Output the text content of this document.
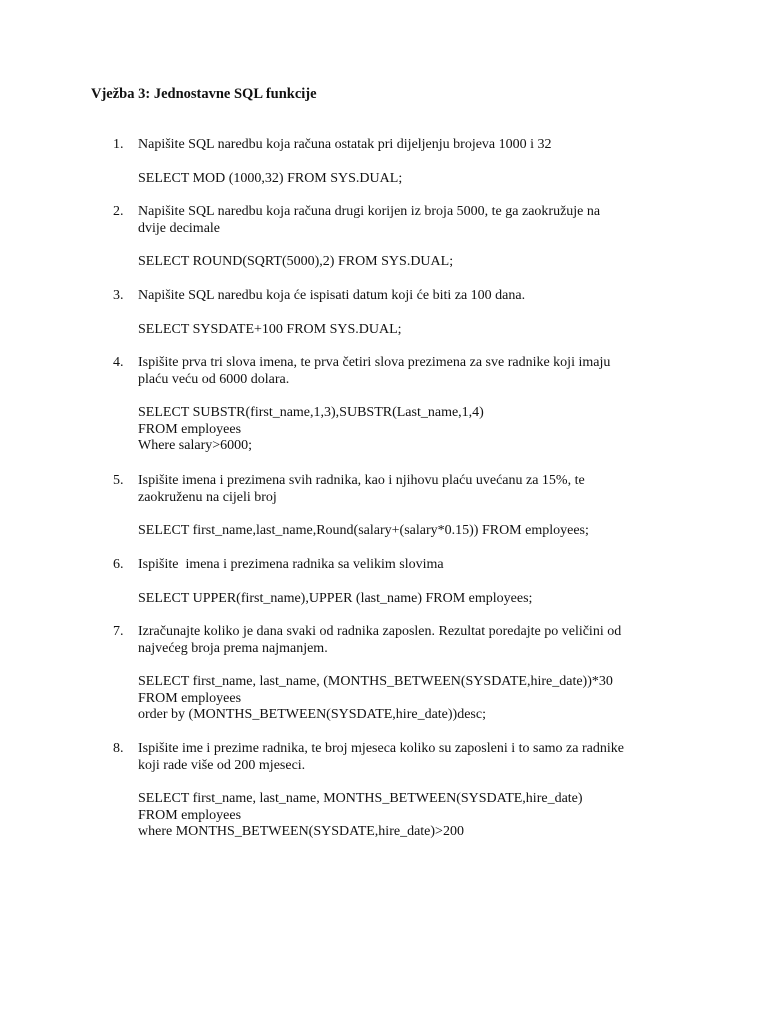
Vježba 3: Jednostavne SQL funkcije
1. Napišite SQL naredbu koja računa ostatak pri dijeljenju brojeva 1000 i 32
SELECT MOD (1000,32) FROM SYS.DUAL;
2. Napišite SQL naredbu koja računa drugi korijen iz broja 5000, te ga zaokružuje na
dvije decimale
SELECT ROUND(SQRT(5000),2) FROM SYS.DUAL;
3. Napišite SQL naredbu koja će ispisati datum koji će biti za 100 dana.
SELECT SYSDATE+100 FROM SYS.DUAL;
4. Ispišite prva tri slova imena, te prva četiri slova prezimena za sve radnike koji imaju
plaću veću od 6000 dolara.
SELECT SUBSTR(first_name,1,3),SUBSTR(Last_name,1,4)
FROM employees
Where salary>6000;
5. Ispišite imena i prezimena svih radnika, kao i njihovu plaću uvećanu za 15%, te
zaokruženu na cijeli broj
SELECT first_name,last_name,Round(salary+(salary*0.15)) FROM employees;
6. Ispišite  imena i prezimena radnika sa velikim slovima
SELECT UPPER(first_name),UPPER (last_name) FROM employees;
7. Izračunajte koliko je dana svaki od radnika zaposlen. Rezultat poredajte po veličini od
najvećeg broja prema najmanjem.
SELECT first_name, last_name, (MONTHS_BETWEEN(SYSDATE,hire_date))*30
FROM employees
order by (MONTHS_BETWEEN(SYSDATE,hire_date))desc;
8. Ispišite ime i prezime radnika, te broj mjeseca koliko su zaposleni i to samo za radnike
koji rade više od 200 mjeseci.
SELECT first_name, last_name, MONTHS_BETWEEN(SYSDATE,hire_date)
FROM employees
where MONTHS_BETWEEN(SYSDATE,hire_date)>200
